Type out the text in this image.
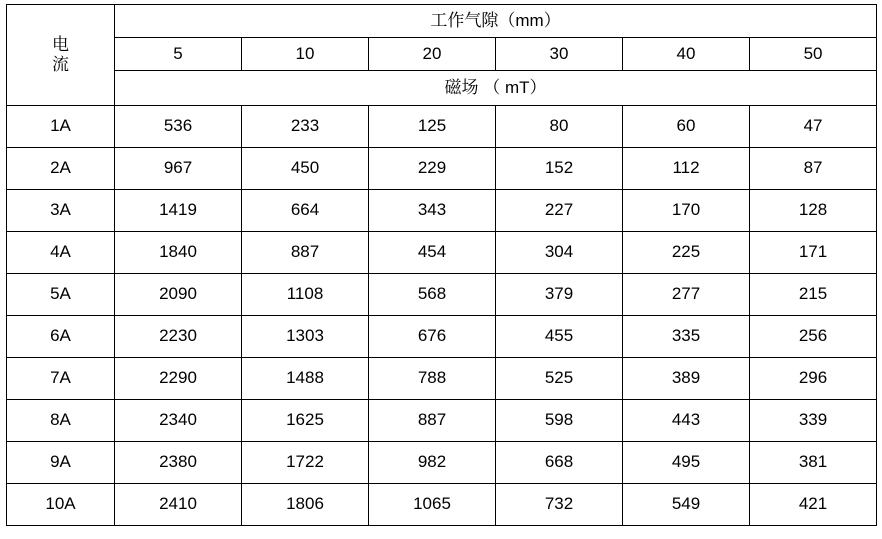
电
流	工作气隙（mm）					
	5	10	20	30	40	50
	磁场 （ mT）					
1A	536	233	125	80	60	47
2A	967	450	229	152	112	87
3A	1419	664	343	227	170	128
4A	1840	887	454	304	225	171
5A	2090	1108	568	379	277	215
6A	2230	1303	676	455	335	256
7A	2290	1488	788	525	389	296
8A	2340	1625	887	598	443	339
9A	2380	1722	982	668	495	381
10A	2410	1806	1065	732	549	421
